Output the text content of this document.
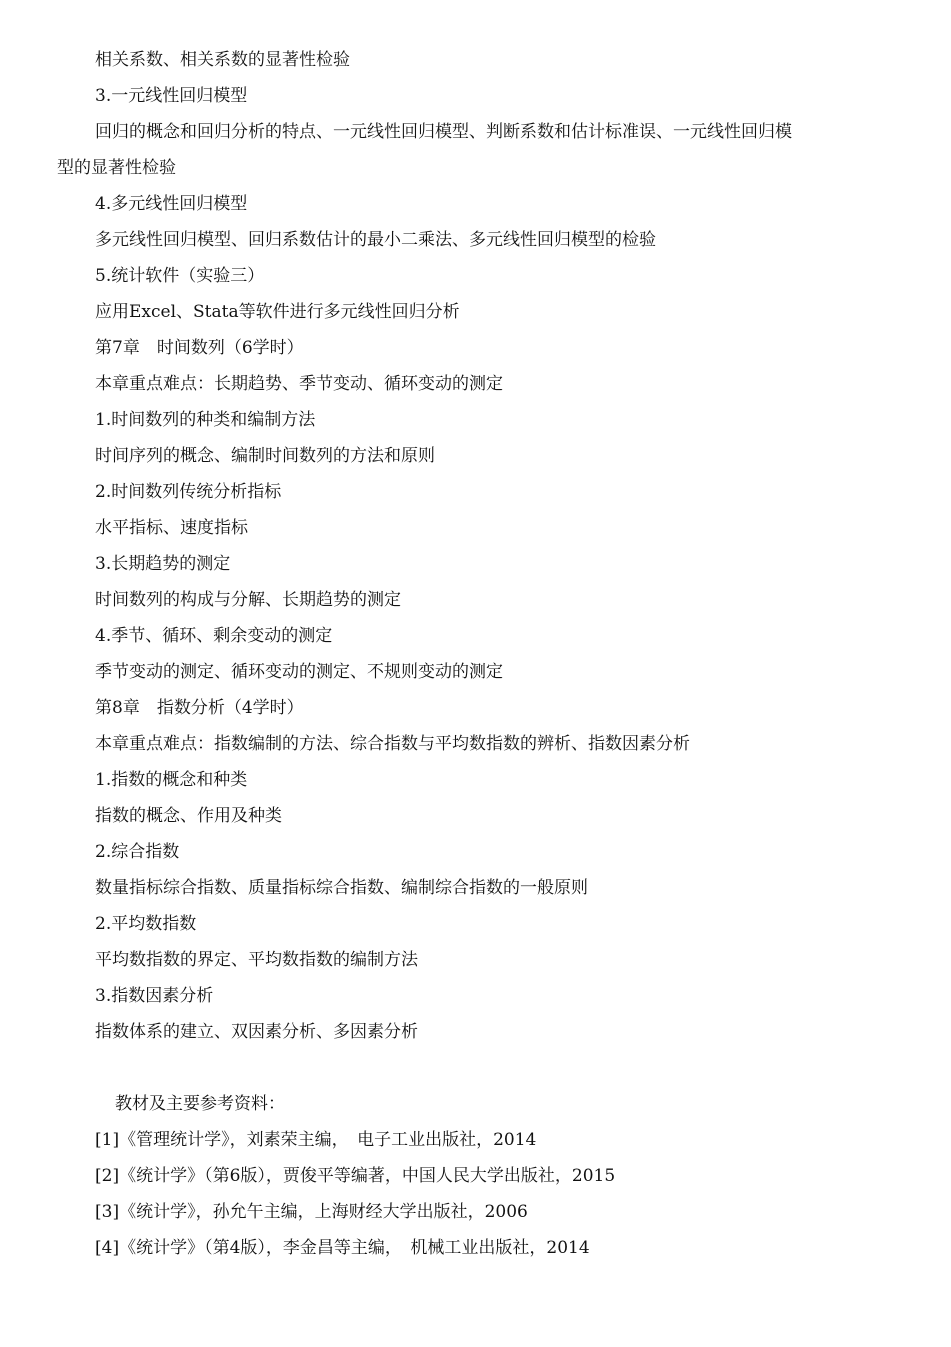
相关系数、相关系数的显著性检验
3.一元线性回归模型
回归的概念和回归分析的特点、一元线性回归模型、判断系数和估计标准误、一元线性回归模
型的显著性检验
4.多元线性回归模型
多元线性回归模型、回归系数估计的最小二乘法、多元线性回归模型的检验
5.统计软件（实验三）
应用Excel、Stata等软件进行多元线性回归分析
第7章　时间数列（6学时）
本章重点难点：长期趋势、季节变动、循环变动的测定
1.时间数列的种类和编制方法
时间序列的概念、编制时间数列的方法和原则
2.时间数列传统分析指标
水平指标、速度指标
3.长期趋势的测定
时间数列的构成与分解、长期趋势的测定
4.季节、循环、剩余变动的测定
季节变动的测定、循环变动的测定、不规则变动的测定
第8章　指数分析（4学时）
本章重点难点：指数编制的方法、综合指数与平均数指数的辨析、指数因素分析
1.指数的概念和种类
指数的概念、作用及种类
2.综合指数
数量指标综合指数、质量指标综合指数、编制综合指数的一般原则
2.平均数指数
平均数指数的界定、平均数指数的编制方法
3.指数因素分析
指数体系的建立、双因素分析、多因素分析
教材及主要参考资料：
[1]《管理统计学》，刘素荣主编，　电子工业出版社，2014
[2]《统计学》（第6版），贾俊平等编著，中国人民大学出版社，2015
[3]《统计学》，孙允午主编，上海财经大学出版社，2006
[4]《统计学》（第4版），李金昌等主编，　机械工业出版社，2014
